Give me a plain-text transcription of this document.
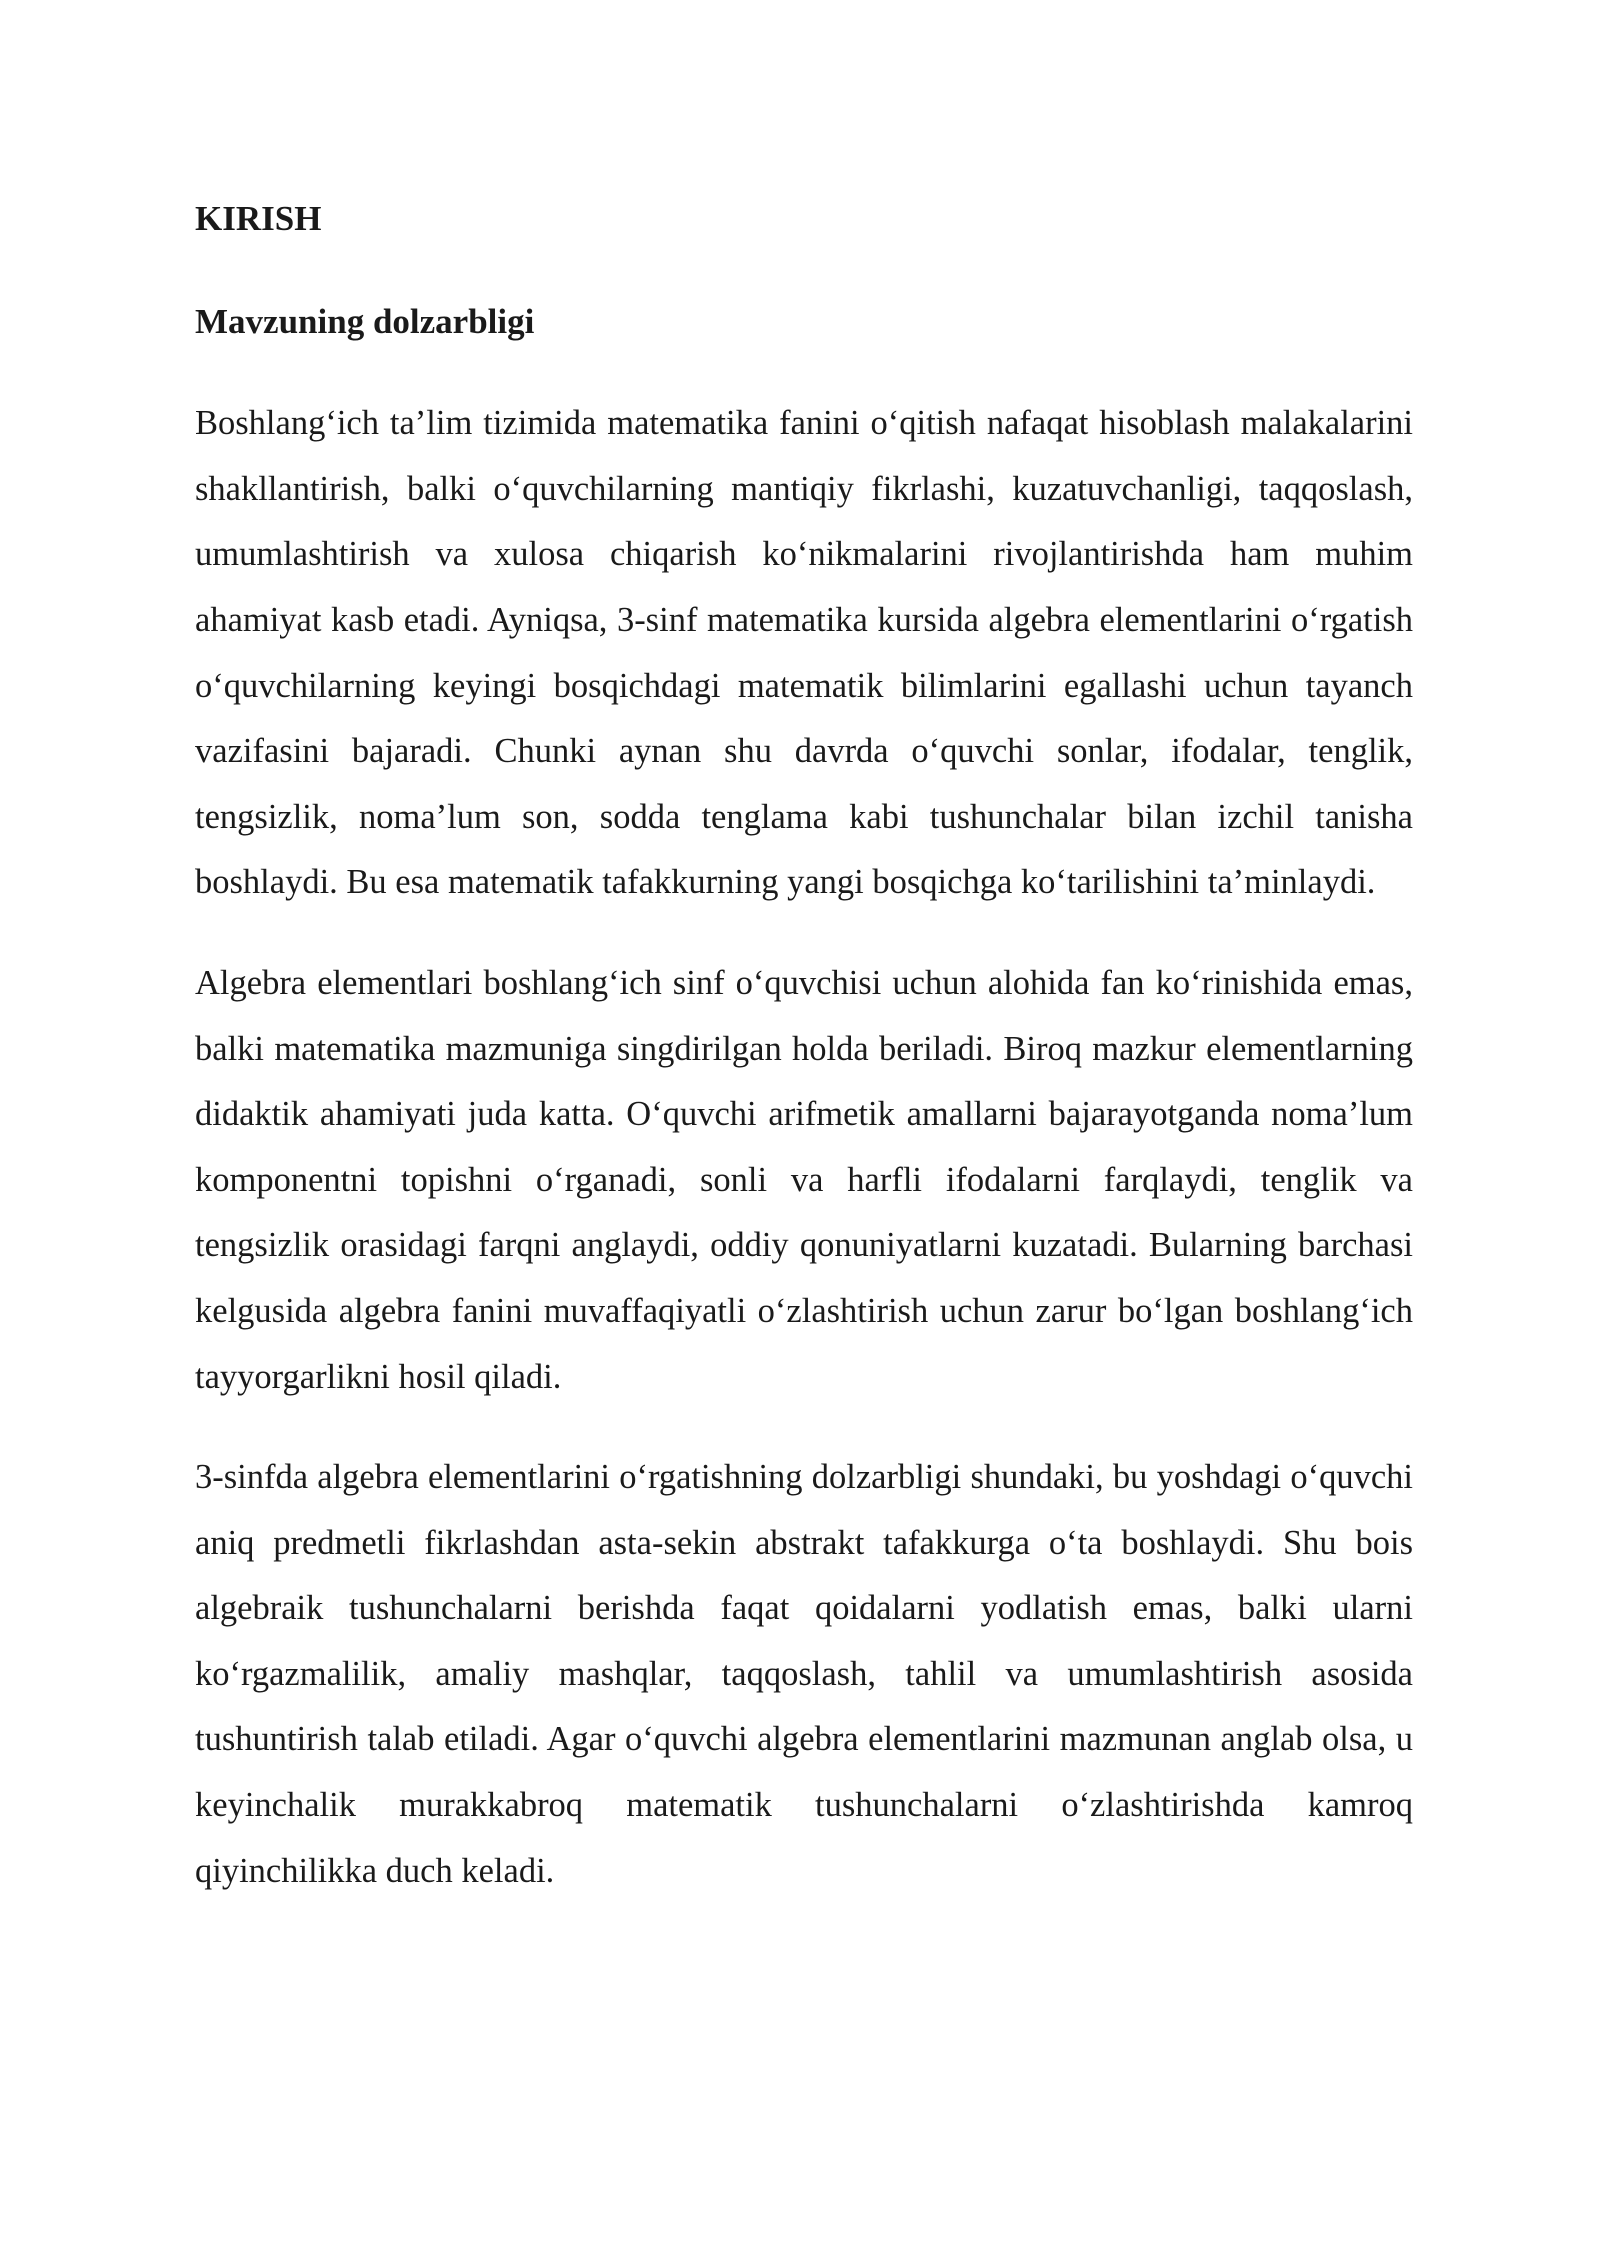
KIRISH
Mavzuning dolzarbligi

Boshlang‘ich ta’lim tizimida matematika fanini o‘qitish nafaqat hisoblash malakalarini shakllantirish, balki o‘quvchilarning mantiqiy fikrlashi, kuzatuvchanligi, taqqoslash, umumlashtirish va xulosa chiqarish ko‘nikmalarini rivojlantirishda ham muhim ahamiyat kasb etadi. Ayniqsa, 3-sinf matematika kursida algebra elementlarini o‘rgatish o‘quvchilarning keyingi bosqichdagi matematik bilimlarini egallashi uchun tayanch vazifasini bajaradi. Chunki aynan shu davrda o‘quvchi sonlar, ifodalar, tenglik, tengsizlik, noma’lum son, sodda tenglama kabi tushunchalar bilan izchil tanisha boshlaydi. Bu esa matematik tafakkurning yangi bosqichga ko‘tarilishini ta’minlaydi.

Algebra elementlari boshlang‘ich sinf o‘quvchisi uchun alohida fan ko‘rinishida emas, balki matematika mazmuniga singdirilgan holda beriladi. Biroq mazkur elementlarning didaktik ahamiyati juda katta. O‘quvchi arifmetik amallarni bajarayotganda noma’lum komponentni topishni o‘rganadi, sonli va harfli ifodalarni farqlaydi, tenglik va tengsizlik orasidagi farqni anglaydi, oddiy qonuniyatlarni kuzatadi. Bularning barchasi kelgusida algebra fanini muvaffaqiyatli o‘zlashtirish uchun zarur bo‘lgan boshlang‘ich tayyorgarlikni hosil qiladi.

3-sinfda algebra elementlarini o‘rgatishning dolzarbligi shundaki, bu yoshdagi o‘quvchi aniq predmetli fikrlashdan asta-sekin abstrakt tafakkurga o‘ta boshlaydi. Shu bois algebraik tushunchalarni berishda faqat qoidalarni yodlatish emas, balki ularni ko‘rgazmalilik, amaliy mashqlar, taqqoslash, tahlil va umumlashtirish asosida tushuntirish talab etiladi. Agar o‘quvchi algebra elementlarini mazmunan anglab olsa, u keyinchalik murakkabroq matematik tushunchalarni o‘zlashtirishda kamroq qiyinchilikka duch keladi.
